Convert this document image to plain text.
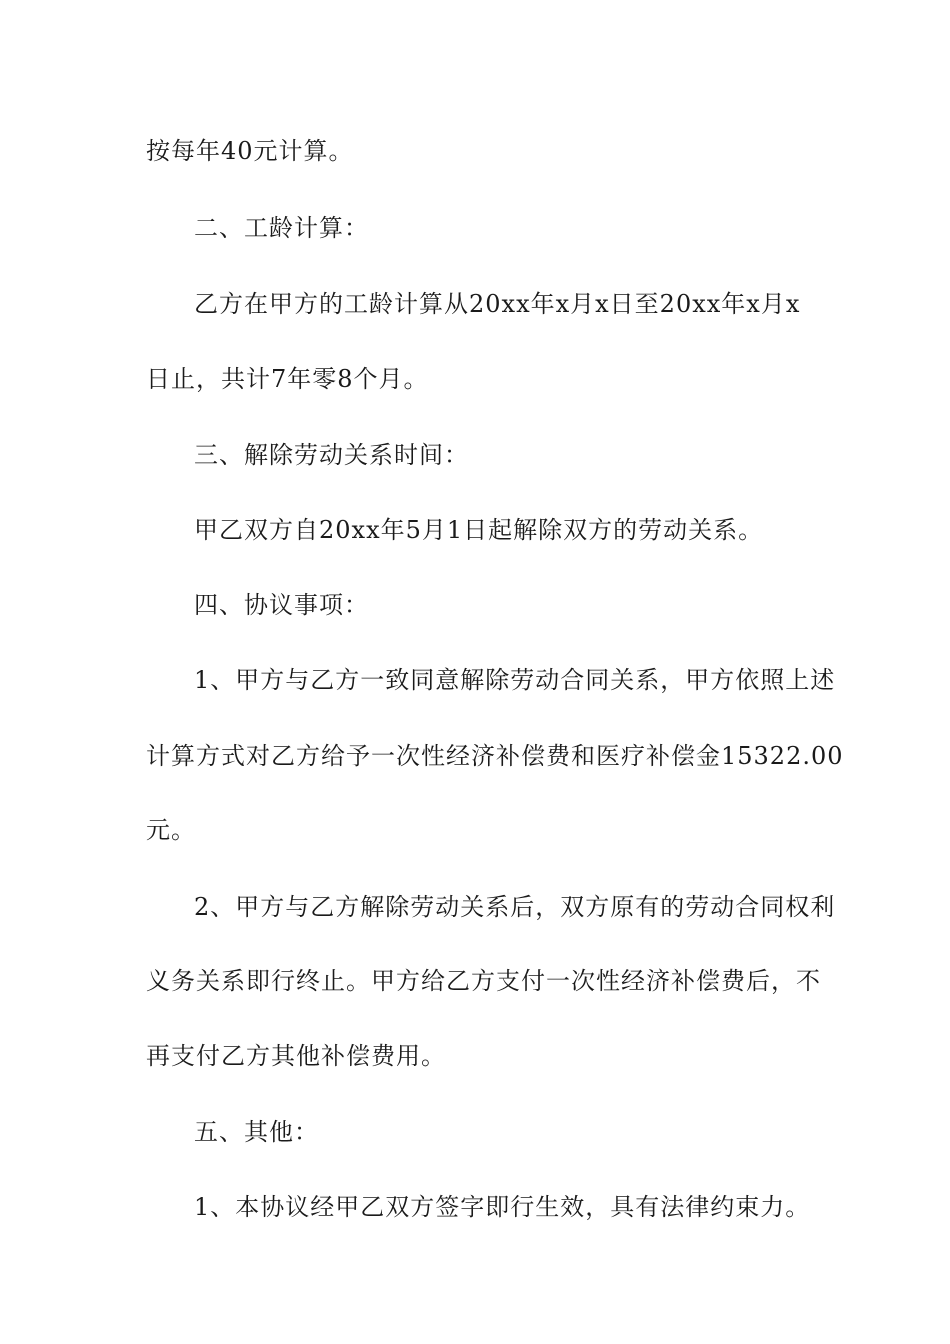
按每年40元计算。

二、工龄计算：

乙方在甲方的工龄计算从20xx年x月x日至20xx年x月x

日止，共计7年零8个月。

三、解除劳动关系时间：

甲乙双方自20xx年5月1日起解除双方的劳动关系。

四、协议事项：

1、甲方与乙方一致同意解除劳动合同关系，甲方依照上述

计算方式对乙方给予一次性经济补偿费和医疗补偿金15322.00

元。

2、甲方与乙方解除劳动关系后，双方原有的劳动合同权利

义务关系即行终止。甲方给乙方支付一次性经济补偿费后，不

再支付乙方其他补偿费用。

五、其他：

1、本协议经甲乙双方签字即行生效，具有法律约束力。
